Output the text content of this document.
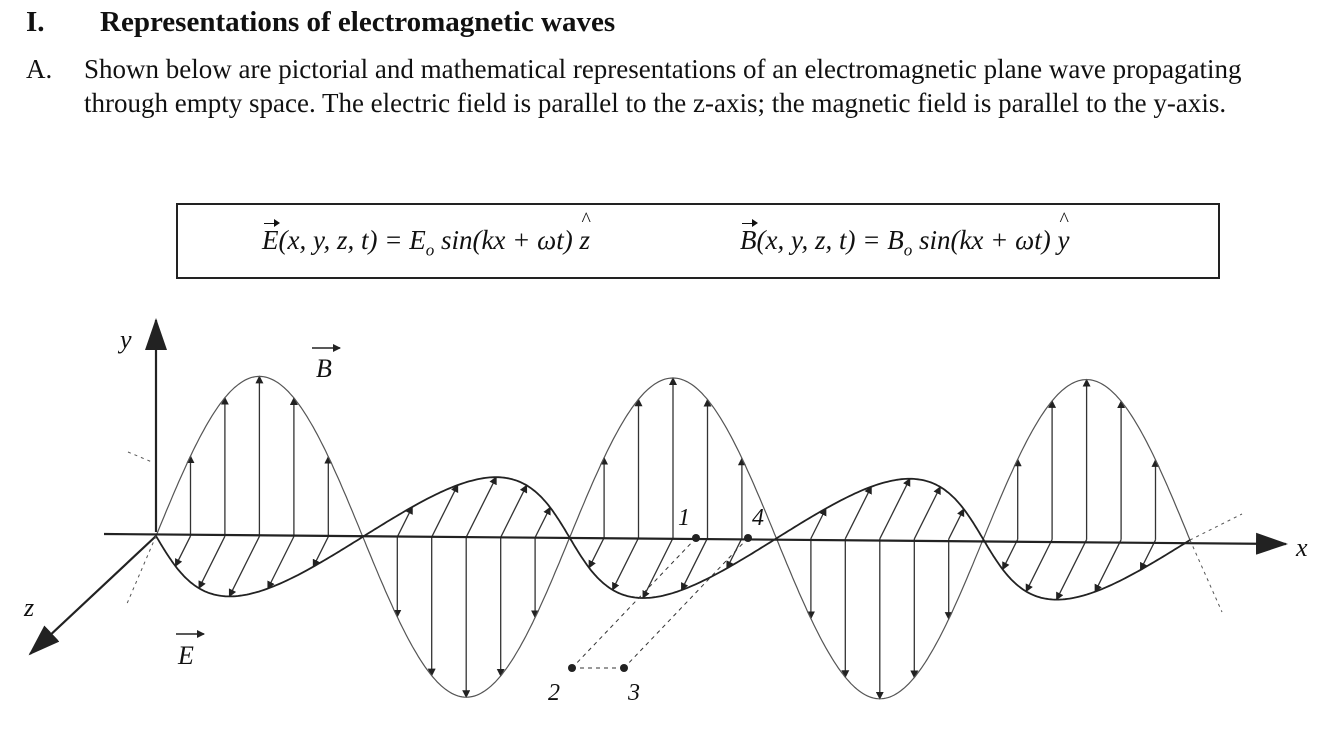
I. Representations of electromagnetic waves
A. Shown below are pictorial and mathematical representations of an electromagnetic plane wave propagating through empty space. The electric field is parallel to the z-axis; the magnetic field is parallel to the y-axis.
E(x, y, z, $t) = E_o$ sin(kx + ωt) ^ z	B(x, y, z, $t) = B_o$ sin(kx + ωt) ^ y
y
x
z
B
E
1
2	3
4
